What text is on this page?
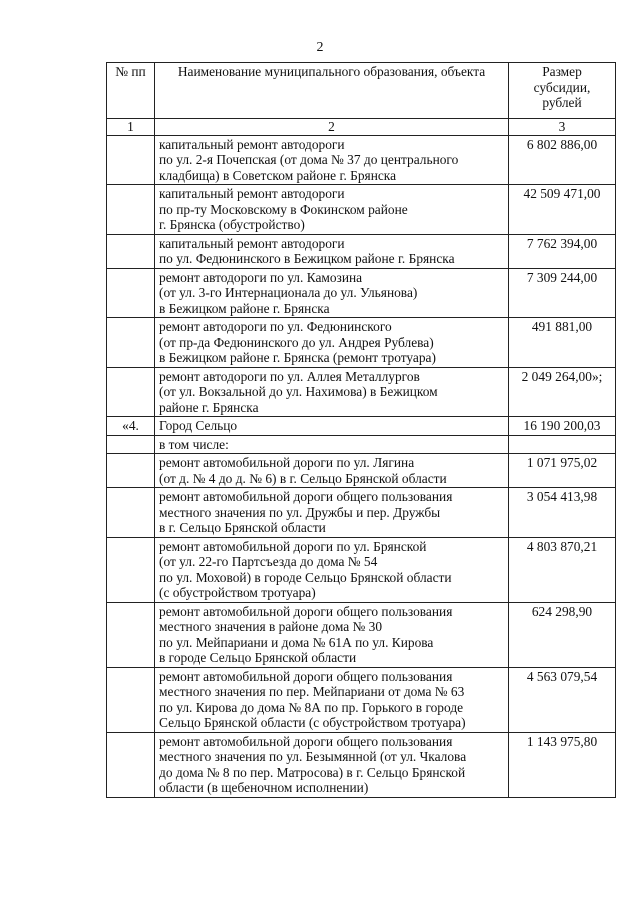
2
№ пп	Наименование муниципального образования, объекта	Размер
субсидии,
рублей

1	2	3

	капитальный ремонт автодороги
по ул. 2-я Почепская (от дома № 37 до центрального
кладбища) в Советском районе г. Брянска	6 802 886,00

	капитальный ремонт автодороги
по пр-ту Московскому в Фокинском районе
г. Брянска (обустройство)	42 509 471,00

	капитальный ремонт автодороги
по ул. Федюнинского в Бежицком районе г. Брянска	7 762 394,00

	ремонт автодороги по ул. Камозина
(от ул. 3-го Интернационала до ул. Ульянова)
в Бежицком районе г. Брянска	7 309 244,00

	ремонт автодороги по ул. Федюнинского
(от пр-да Федюнинского до ул. Андрея Рублева)
в Бежицком районе г. Брянска (ремонт тротуара)	491 881,00

	ремонт автодороги по ул. Аллея Металлургов
(от ул. Вокзальной до ул. Нахимова) в Бежицком
районе г. Брянска	2 049 264,00»;
«4.	Город Сельцо	16 190 200,03

	в том числе:	

	ремонт автомобильной дороги по ул. Лягина
(от д. № 4 до д. № 6) в г. Сельцо Брянской области	1 071 975,02

	ремонт автомобильной дороги общего пользования
местного значения по ул. Дружбы и пер. Дружбы
в г. Сельцо Брянской области	3 054 413,98

	ремонт автомобильной дороги по ул. Брянской
(от ул. 22-го Партсъезда до дома № 54
по ул. Моховой) в городе Сельцо Брянской области
(с обустройством тротуара)	4 803 870,21

	ремонт автомобильной дороги общего пользования
местного значения в районе дома № 30
по ул. Мейпариани и дома № 61А по ул. Кирова
в городе Сельцо Брянской области	624 298,90

	ремонт автомобильной дороги общего пользования
местного значения по пер. Мейпариани от дома № 63
по ул. Кирова до дома № 8А по пр. Горького в городе
Сельцо Брянской области (с обустройством тротуара)	4 563 079,54

	ремонт автомобильной дороги общего пользования
местного значения по ул. Безымянной (от ул. Чкалова
до дома № 8 по пер. Матросова) в г. Сельцо Брянской
области (в щебеночном исполнении)	1 143 975,80
